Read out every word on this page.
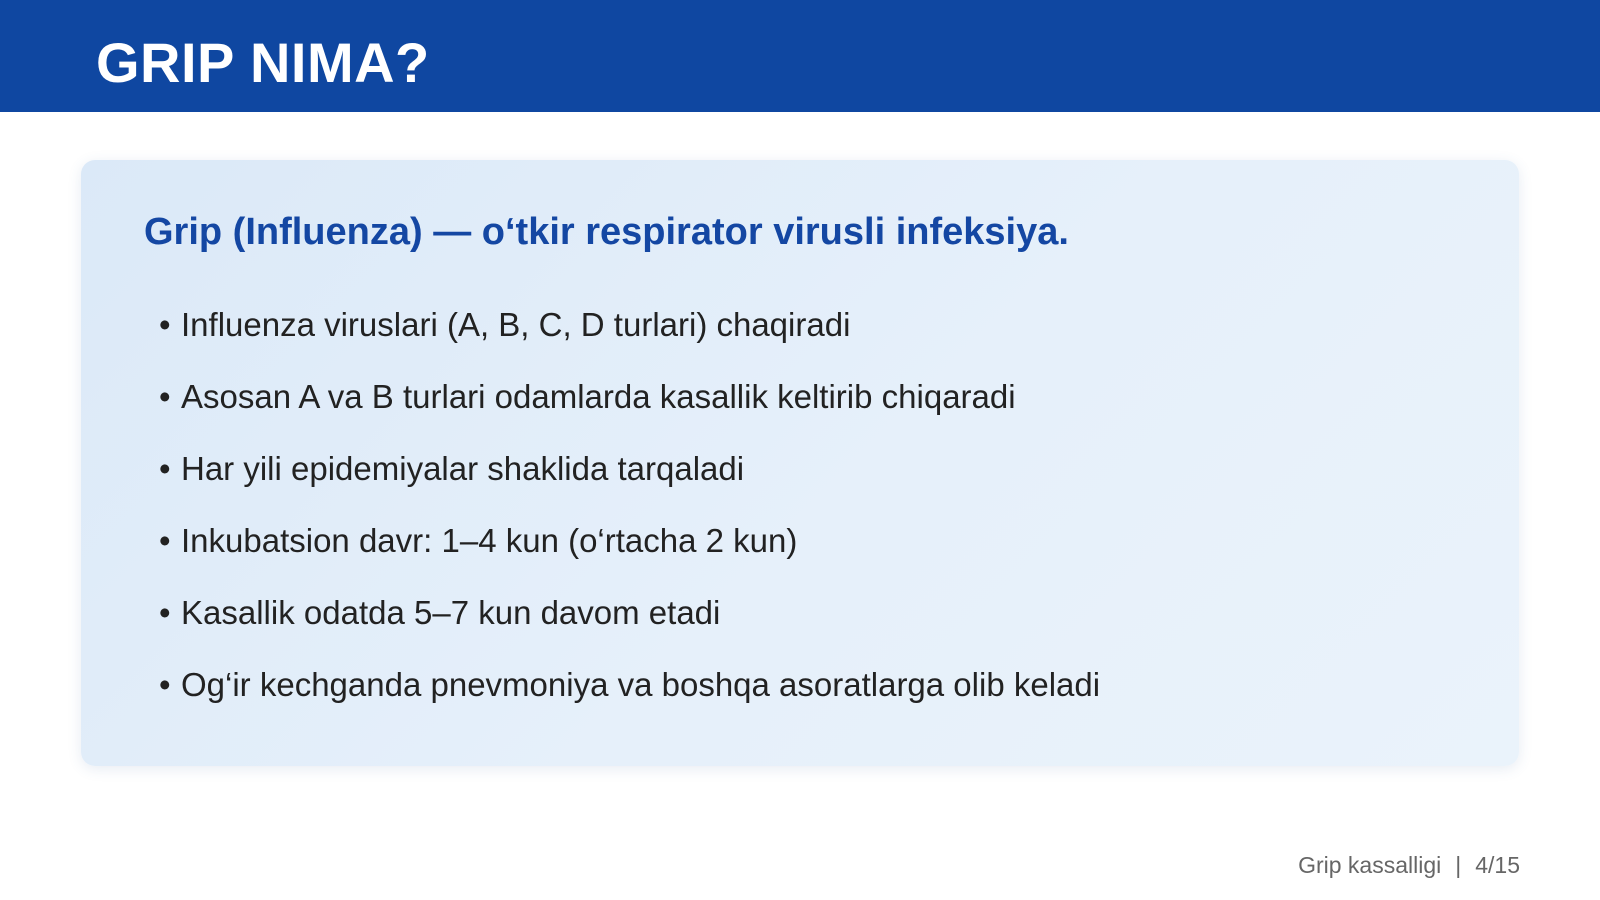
GRIP NIMA?
Grip (Influenza) — o‘tkir respirator virusli infeksiya.
• Influenza viruslari (A, B, C, D turlari) chaqiradi
• Asosan A va B turlari odamlarda kasallik keltirib chiqaradi
• Har yili epidemiyalar shaklida tarqaladi
• Inkubatsion davr: 1–4 kun (o‘rtacha 2 kun)
• Kasallik odatda 5–7 kun davom etadi
• Og‘ir kechganda pnevmoniya va boshqa asoratlarga olib keladi
Grip kassalligi | 4/15
